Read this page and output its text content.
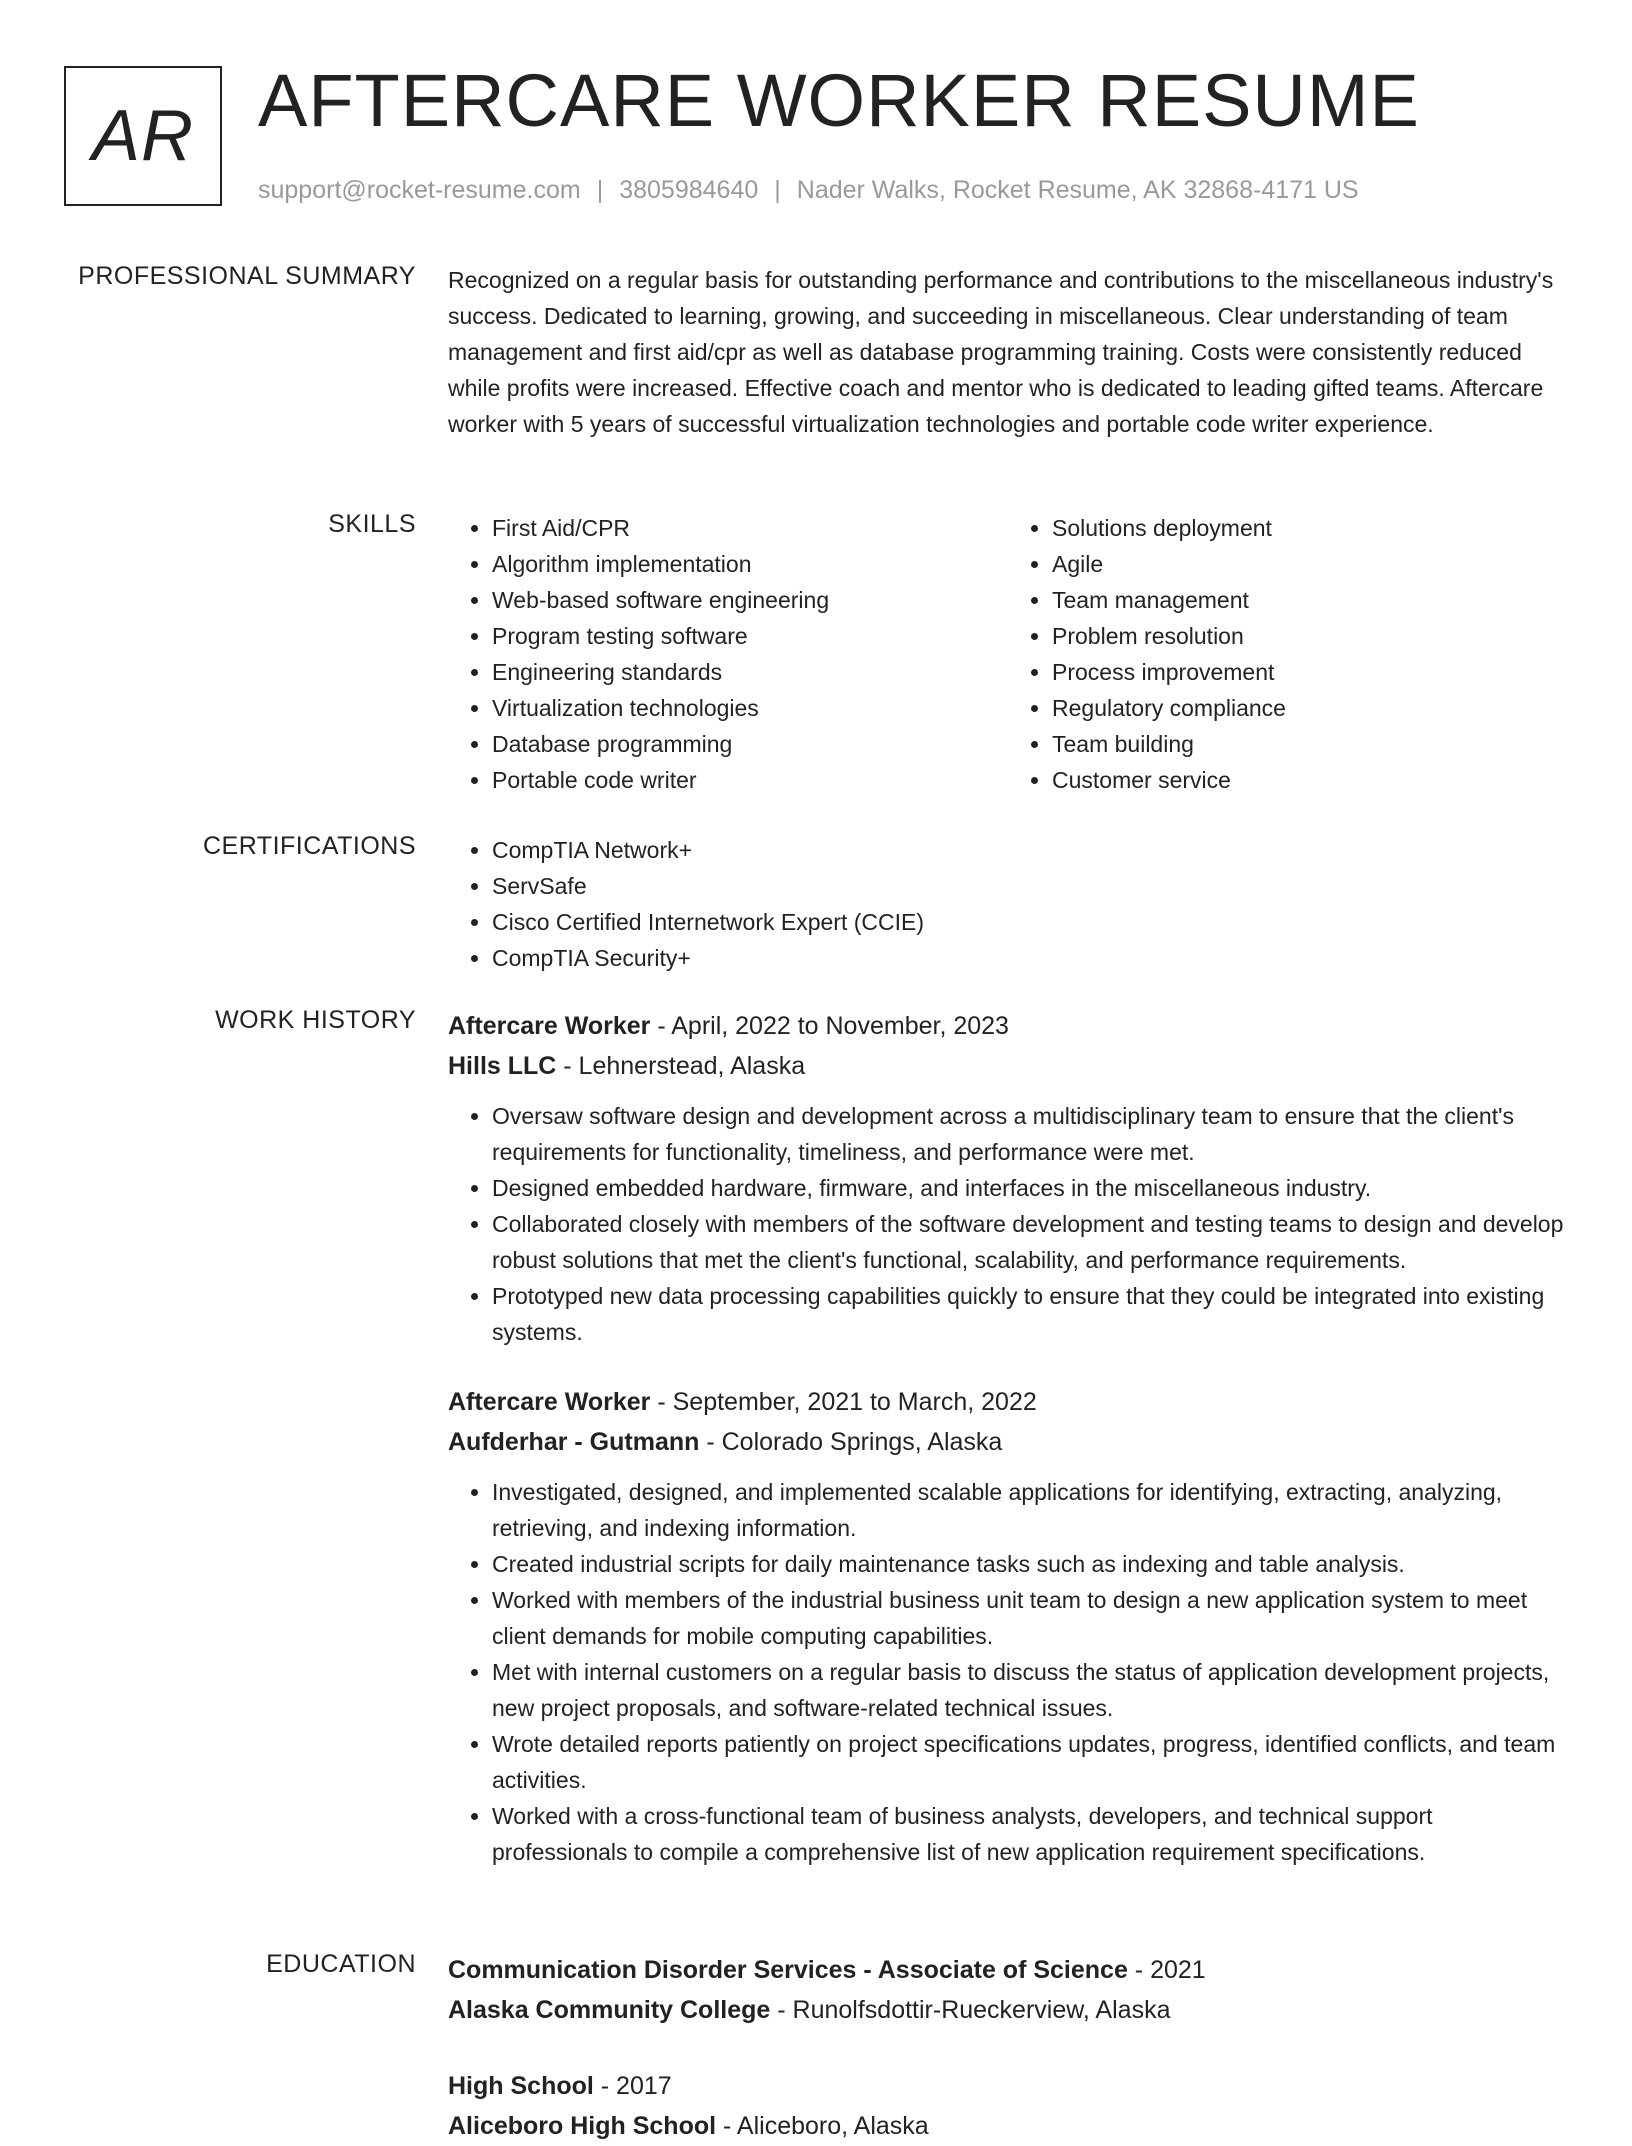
AR AFTERCARE WORKER RESUME

support@rocket-resume.com | 3805984640 | Nader Walks, Rocket Resume, AK 32868-4171 US

PROFESSIONAL SUMMARY Recognized on a regular basis for outstanding performance and contributions to the miscellaneous industry's success. Dedicated to learning, growing, and succeeding in miscellaneous. Clear understanding of team management and first aid/cpr as well as database programming training. Costs were consistently reduced while profits were increased. Effective coach and mentor who is dedicated to leading gifted teams. Aftercare worker with 5 years of successful virtualization technologies and portable code writer experience.

SKILLS	• First Aid/CPR
• Algorithm implementation
• Web-based software engineering
• Program testing software
• Engineering standards
• Virtualization technologies
• Database programming
• Portable code writer
• Solutions deployment
• Agile
• Team management
• Problem resolution
• Process improvement
• Regulatory compliance
• Team building
• Customer service
CERTIFICATIONS	• CompTIA Network+
• ServSafe
• Cisco Certified Internetwork Expert (CCIE)
• CompTIA Security+
WORK HISTORY Aftercare Worker - April, 2022 to November, 2023

Hills LLC - Lehnerstead, Alaska

• Oversaw software design and development across a multidisciplinary team to ensure that the client's requirements for functionality, timeliness, and performance were met.
• Designed embedded hardware, firmware, and interfaces in the miscellaneous industry.
• Collaborated closely with members of the software development and testing teams to design and develop robust solutions that met the client's functional, scalability, and performance requirements.
• Prototyped new data processing capabilities quickly to ensure that they could be integrated into existing systems.

Aftercare Worker - September, 2021 to March, 2022

Aufderhar - Gutmann - Colorado Springs, Alaska

• Investigated, designed, and implemented scalable applications for identifying, extracting, analyzing, retrieving, and indexing information.
• Created industrial scripts for daily maintenance tasks such as indexing and table analysis.
• Worked with members of the industrial business unit team to design a new application system to meet client demands for mobile computing capabilities.
• Met with internal customers on a regular basis to discuss the status of application development projects, new project proposals, and software-related technical issues.
• Wrote detailed reports patiently on project specifications updates, progress, identified conflicts, and team activities.
• Worked with a cross-functional team of business analysts, developers, and technical support professionals to compile a comprehensive list of new application requirement specifications.
EDUCATION Communication Disorder Services - Associate of Science - 2021

Alaska Community College - Runolfsdottir-Rueckerview, Alaska

High School - 2017

Aliceboro High School - Aliceboro, Alaska
